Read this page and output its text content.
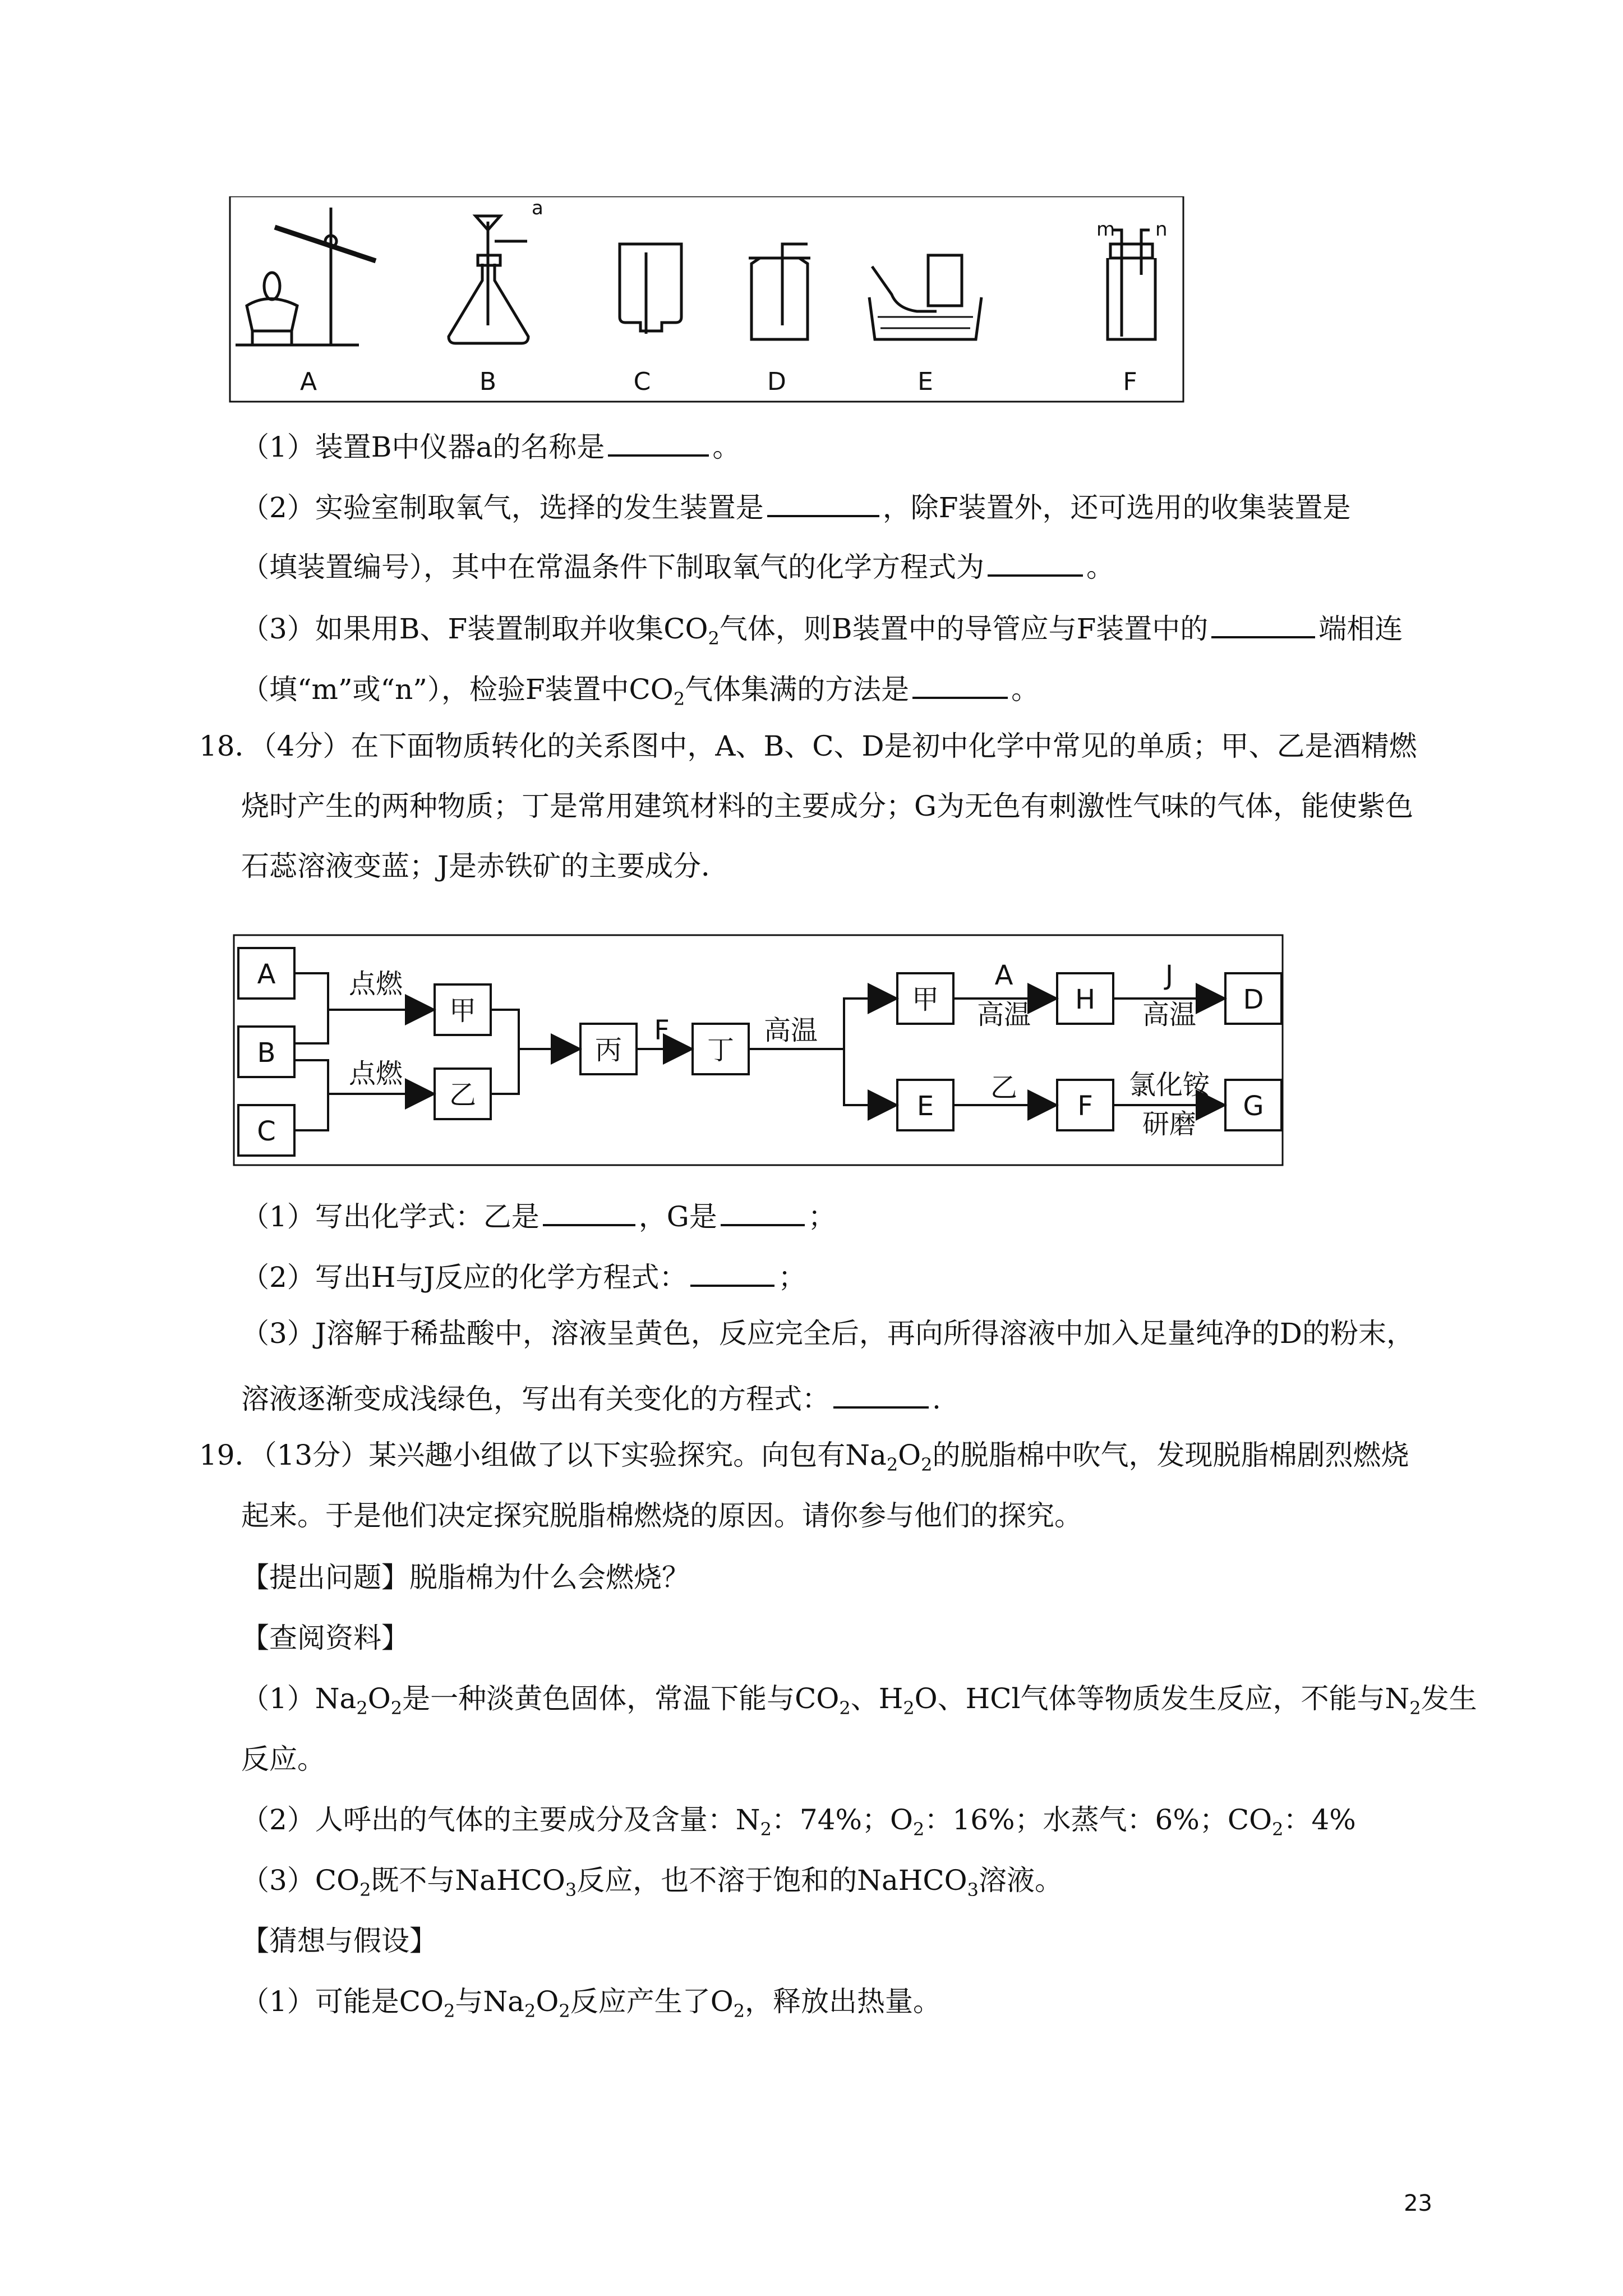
a
m n
A	B	C	D	E	F
（1）装置B中仪器a的名称是	。
（2）实验室制取氧气，选择的发生装置是	，除F装置外，还可选用的收集装置是
（填装置编号），其中在常温条件下制取氧气的化学方程式为	。
（3）如果用B、F装置制取并收集$CO_2$气体，则B装置中的导管应与F装置中的	端相连
（填“m”或“n”），检验F装置中$CO_2$气体集满的方法是	。
18．（4分）在下面物质转化的关系图中，A、B、C、D是初中化学中常见的单质；甲、乙是酒精燃
烧时产生的两种物质；丁是常用建筑材料的主要成分；G为无色有刺激性气味的气体，能使紫色
石蕊溶液变蓝；J是赤铁矿的主要成分．
A
B
C
甲
乙
丙	丁
甲	H	D
E	F	G
点燃
点燃
F	高温
A
高温
J
高温
乙	氯化铵
研磨
（1）写出化学式：乙是	，G是	；
（2）写出H与J反应的化学方程式：	；
（3）J溶解于稀盐酸中，溶液呈黄色，反应完全后，再向所得溶液中加入足量纯净的D的粉末，
溶液逐渐变成浅绿色，写出有关变化的方程式：	.
19．（13分）某兴趣小组做了以下实验探究。向包有$Na_2O_2$的脱脂棉中吹气，发现脱脂棉剧烈燃烧
起来。于是他们决定探究脱脂棉燃烧的原因。请你参与他们的探究。
【提出问题】脱脂棉为什么会燃烧？
【查阅资料】
$(1)Na_2O_2$是一种淡黄色固体，常温下能与$CO_2$、$H_2O$、HCl气体等物质发生反应，不能与$N_2$发生
反应。
（2）人呼出的气体的主要成分及含量：$N_2$：74%；$O_2$：16%；水蒸气：6%；$CO_2$：4%
$(3)CO_2$既不与NaHCO$_3$反应，也不溶于饱和的NaHCO$_3$溶液。
【猜想与假设】
（1）可能是$CO_2$与$Na_2O_2$反应产生了$O_2$，释放出热量。
23
